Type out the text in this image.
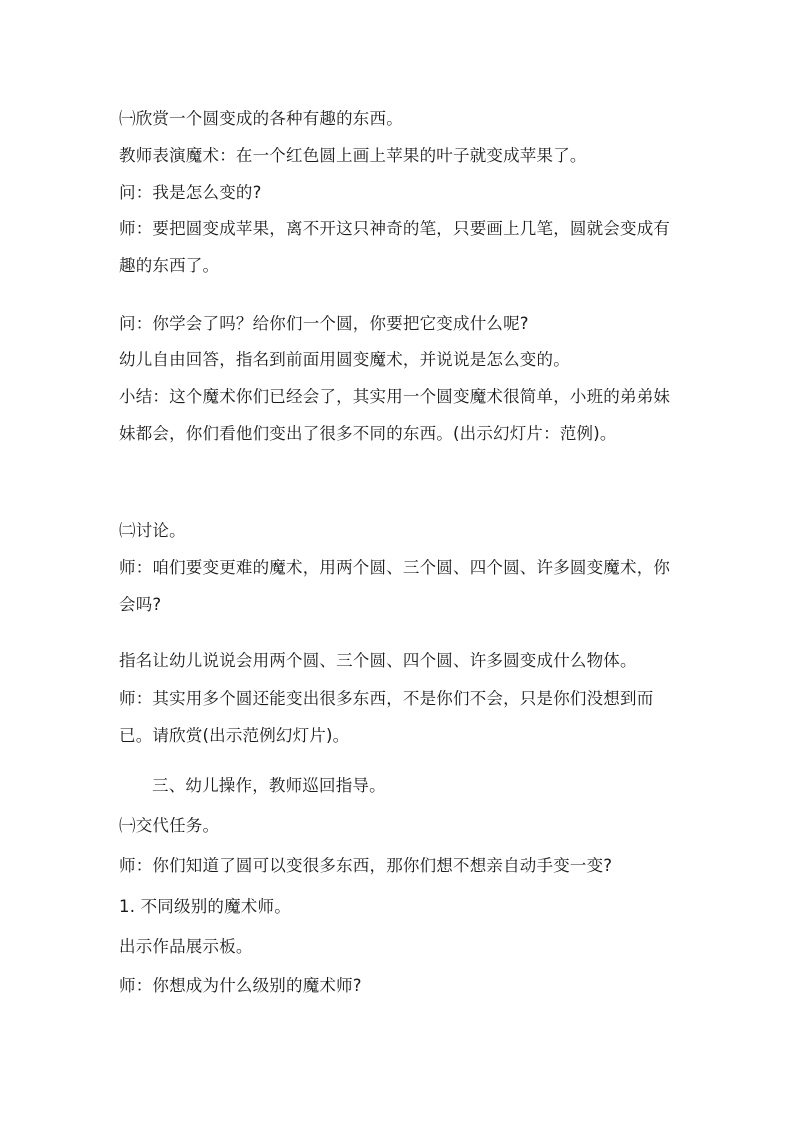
㈠欣赏一个圆变成的各种有趣的东西。

教师表演魔术：在一个红色圆上画上苹果的叶子就变成苹果了。

问：我是怎么变的?

师：要把圆变成苹果，离不开这只神奇的笔，只要画上几笔，圆就会变成有趣的东西了。

问：你学会了吗？给你们一个圆，你要把它变成什么呢?

幼儿自由回答，指名到前面用圆变魔术，并说说是怎么变的。

小结：这个魔术你们已经会了，其实用一个圆变魔术很简单，小班的弟弟妹妹都会，你们看他们变出了很多不同的东西。(出示幻灯片：范例)。

㈡讨论。

师：咱们要变更难的魔术，用两个圆、三个圆、四个圆、许多圆变魔术，你会吗?

指名让幼儿说说会用两个圆、三个圆、四个圆、许多圆变成什么物体。

师：其实用多个圆还能变出很多东西，不是你们不会，只是你们没想到而已。请欣赏(出示范例幻灯片)。

三、幼儿操作，教师巡回指导。

㈠交代任务。

师：你们知道了圆可以变很多东西，那你们想不想亲自动手变一变?

1. 不同级别的魔术师。

出示作品展示板。

师：你想成为什么级别的魔术师?
